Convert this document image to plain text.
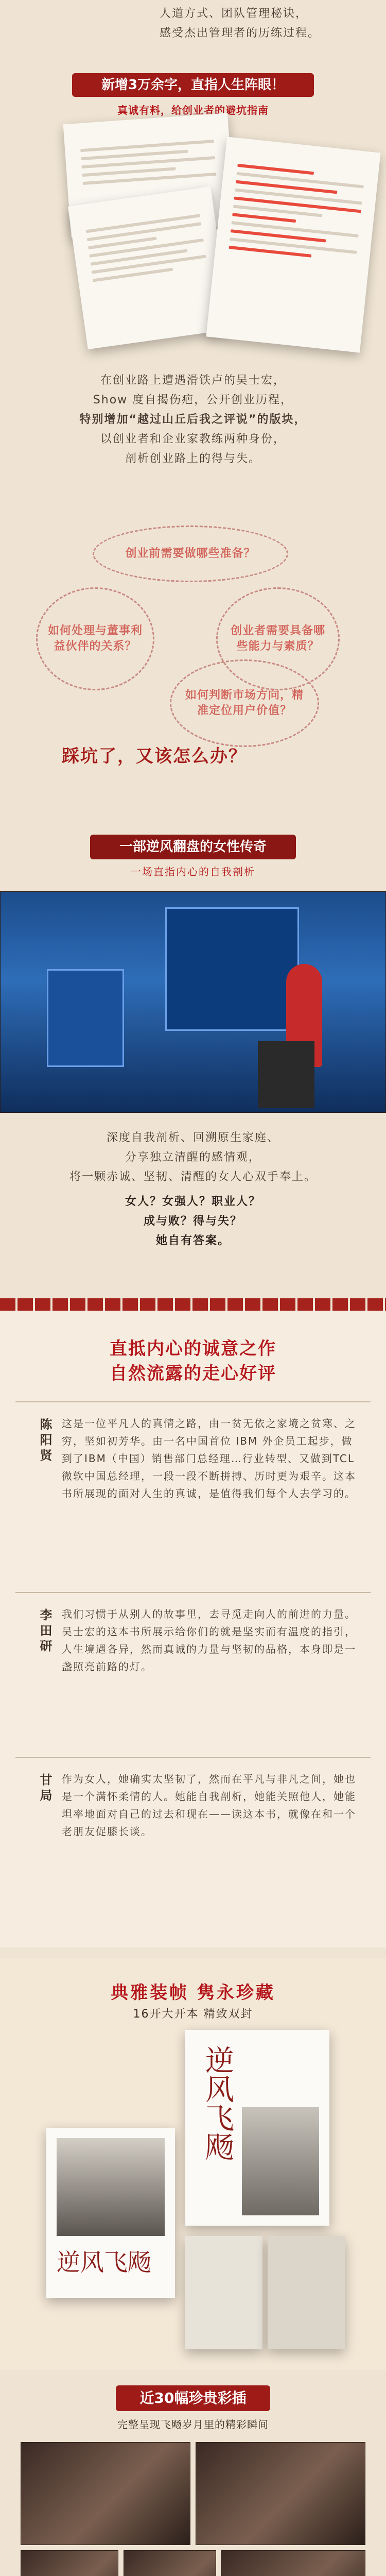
人道方式、团队管理秘诀，
感受杰出管理者的历练过程。
新增3万余字，直指人生阵眼！
真诚有料，给创业者的避坑指南
在创业路上遭遇滑铁卢的吴士宏，
Show 度自揭伤疤，公开创业历程，
特别增加“越过山丘后我之评说”的版块，
以创业者和企业家教练两种身份，
剖析创业路上的得与失。
创业前需要做哪些准备？
如何处理与董事利益伙伴的关系？
创业者需要具备哪些能力与素质？
如何判断市场方向，精准定位用户价值？
踩坑了，又该怎么办？
一部逆风翻盘的女性传奇
一场直指内心的自我剖析
深度自我剖析、回溯原生家庭、
分享独立清醒的感情观，
将一颗赤诚、坚韧、清醒的女人心双手奉上。
女人？女强人？职业人？
成与败？得与失？
她自有答案。
直抵内心的诚意之作
自然流露的走心好评
陈阳贤 这是一位平凡人的真情之路，由一贫无依之家境之贫寒、之穷，坚如初芳华。由一名中国首位 IBM 外企员工起步，做到了IBM（中国）销售部门总经理…行业转型、又做到TCL微软中国总经理，一段一段不断拼搏、历时更为艰辛。这本书所展现的面对人生的真诚，是值得我们每个人去学习的。
李田研 我们习惯于从别人的故事里，去寻觅走向人的前进的力量。吴士宏的这本书所展示给你们的就是坚实而有温度的指引，人生境遇各异，然而真诚的力量与坚韧的品格，本身即是一盏照亮前路的灯。
甘局 作为女人，她确实太坚韧了，然而在平凡与非凡之间，她也是一个满怀柔情的人。她能自我剖析，她能关照他人，她能坦率地面对自己的过去和现在——读这本书，就像在和一个老朋友促膝长谈。
典雅装帧 隽永珍藏
16开大开本 精致双封
逆风飞飏
逆风飞飏
近30幅珍贵彩插
完整呈现飞飏岁月里的精彩瞬间
